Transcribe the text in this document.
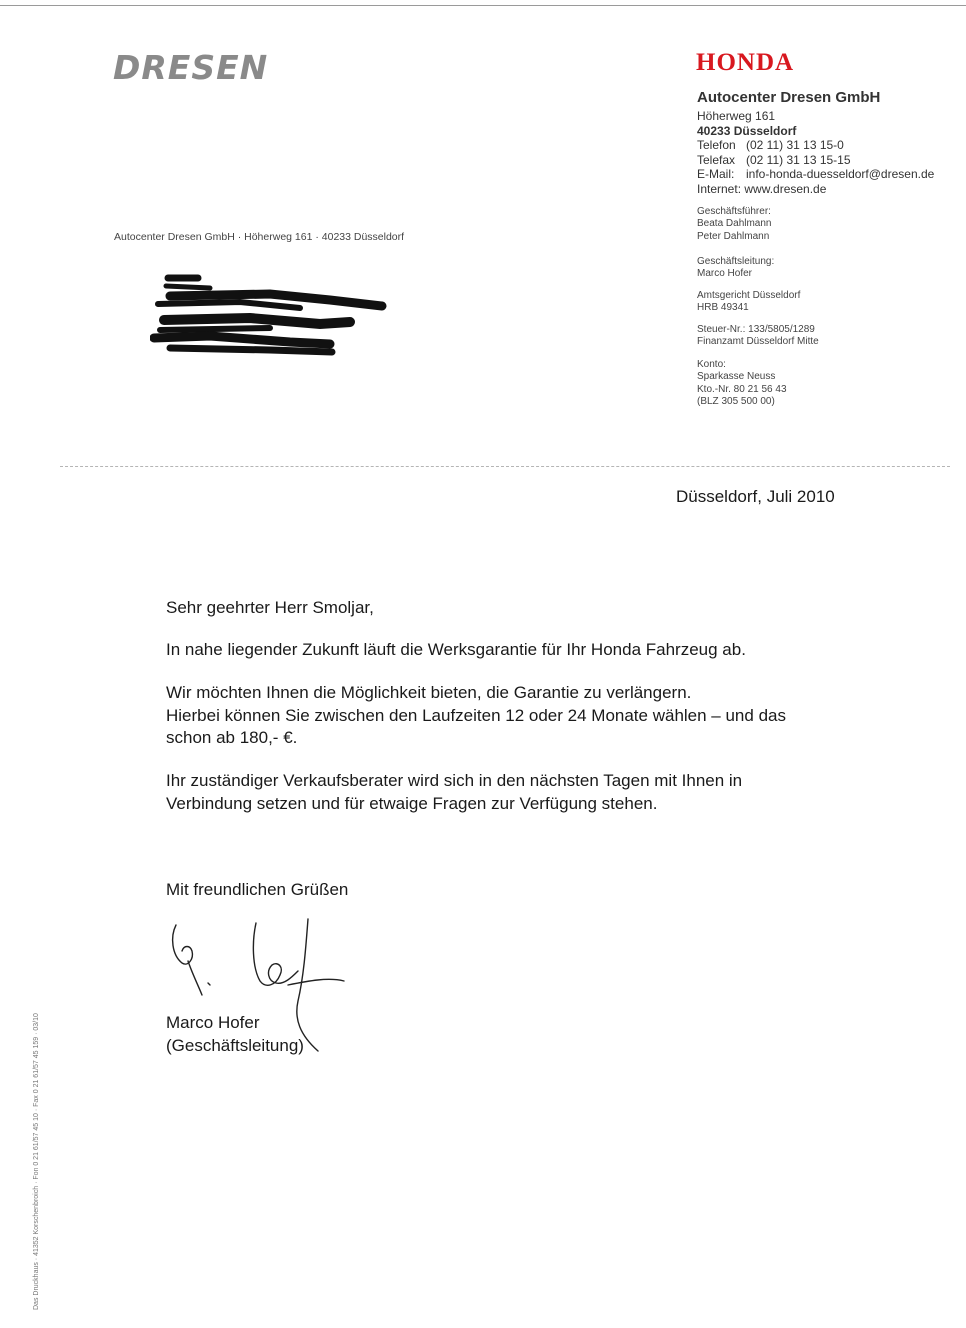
DRESEN	HONDA
Autocenter Dresen GmbH
Höherweg 161
40233 Düsseldorf
Telefon (02 11) 31 13 15-0
Telefax (02 11) 31 13 15-15
E-Mail: info-honda-duesseldorf@dresen.de
Internet: www.dresen.de
Geschäftsführer:
Beata Dahlmann
Peter Dahlmann
Geschäftsleitung:
Marco Hofer
Amtsgericht Düsseldorf
HRB 49341
Steuer-Nr.: 133/5805/1289
Finanzamt Düsseldorf Mitte
Konto:
Sparkasse Neuss
Kto.-Nr. 80 21 56 43
(BLZ 305 500 00)
Autocenter Dresen GmbH · Höherweg 161 · 40233 Düsseldorf
Düsseldorf, Juli 2010
Sehr geehrter Herr Smoljar,
In nahe liegender Zukunft läuft die Werksgarantie für Ihr Honda Fahrzeug ab.
Wir möchten Ihnen die Möglichkeit bieten, die Garantie zu verlängern.
Hierbei können Sie zwischen den Laufzeiten 12 oder 24 Monate wählen – und das
schon ab 180,- €.
Ihr zuständiger Verkaufsberater wird sich in den nächsten Tagen mit Ihnen in
Verbindung setzen und für etwaige Fragen zur Verfügung stehen.
Mit freundlichen Grüßen
Marco Hofer
(Geschäftsleitung)
Das Druckhaus · 41352 Korschenbroich · Fon 0 21 61/57 45 10 · Fax 0 21 61/57 45 159 · 03/10
